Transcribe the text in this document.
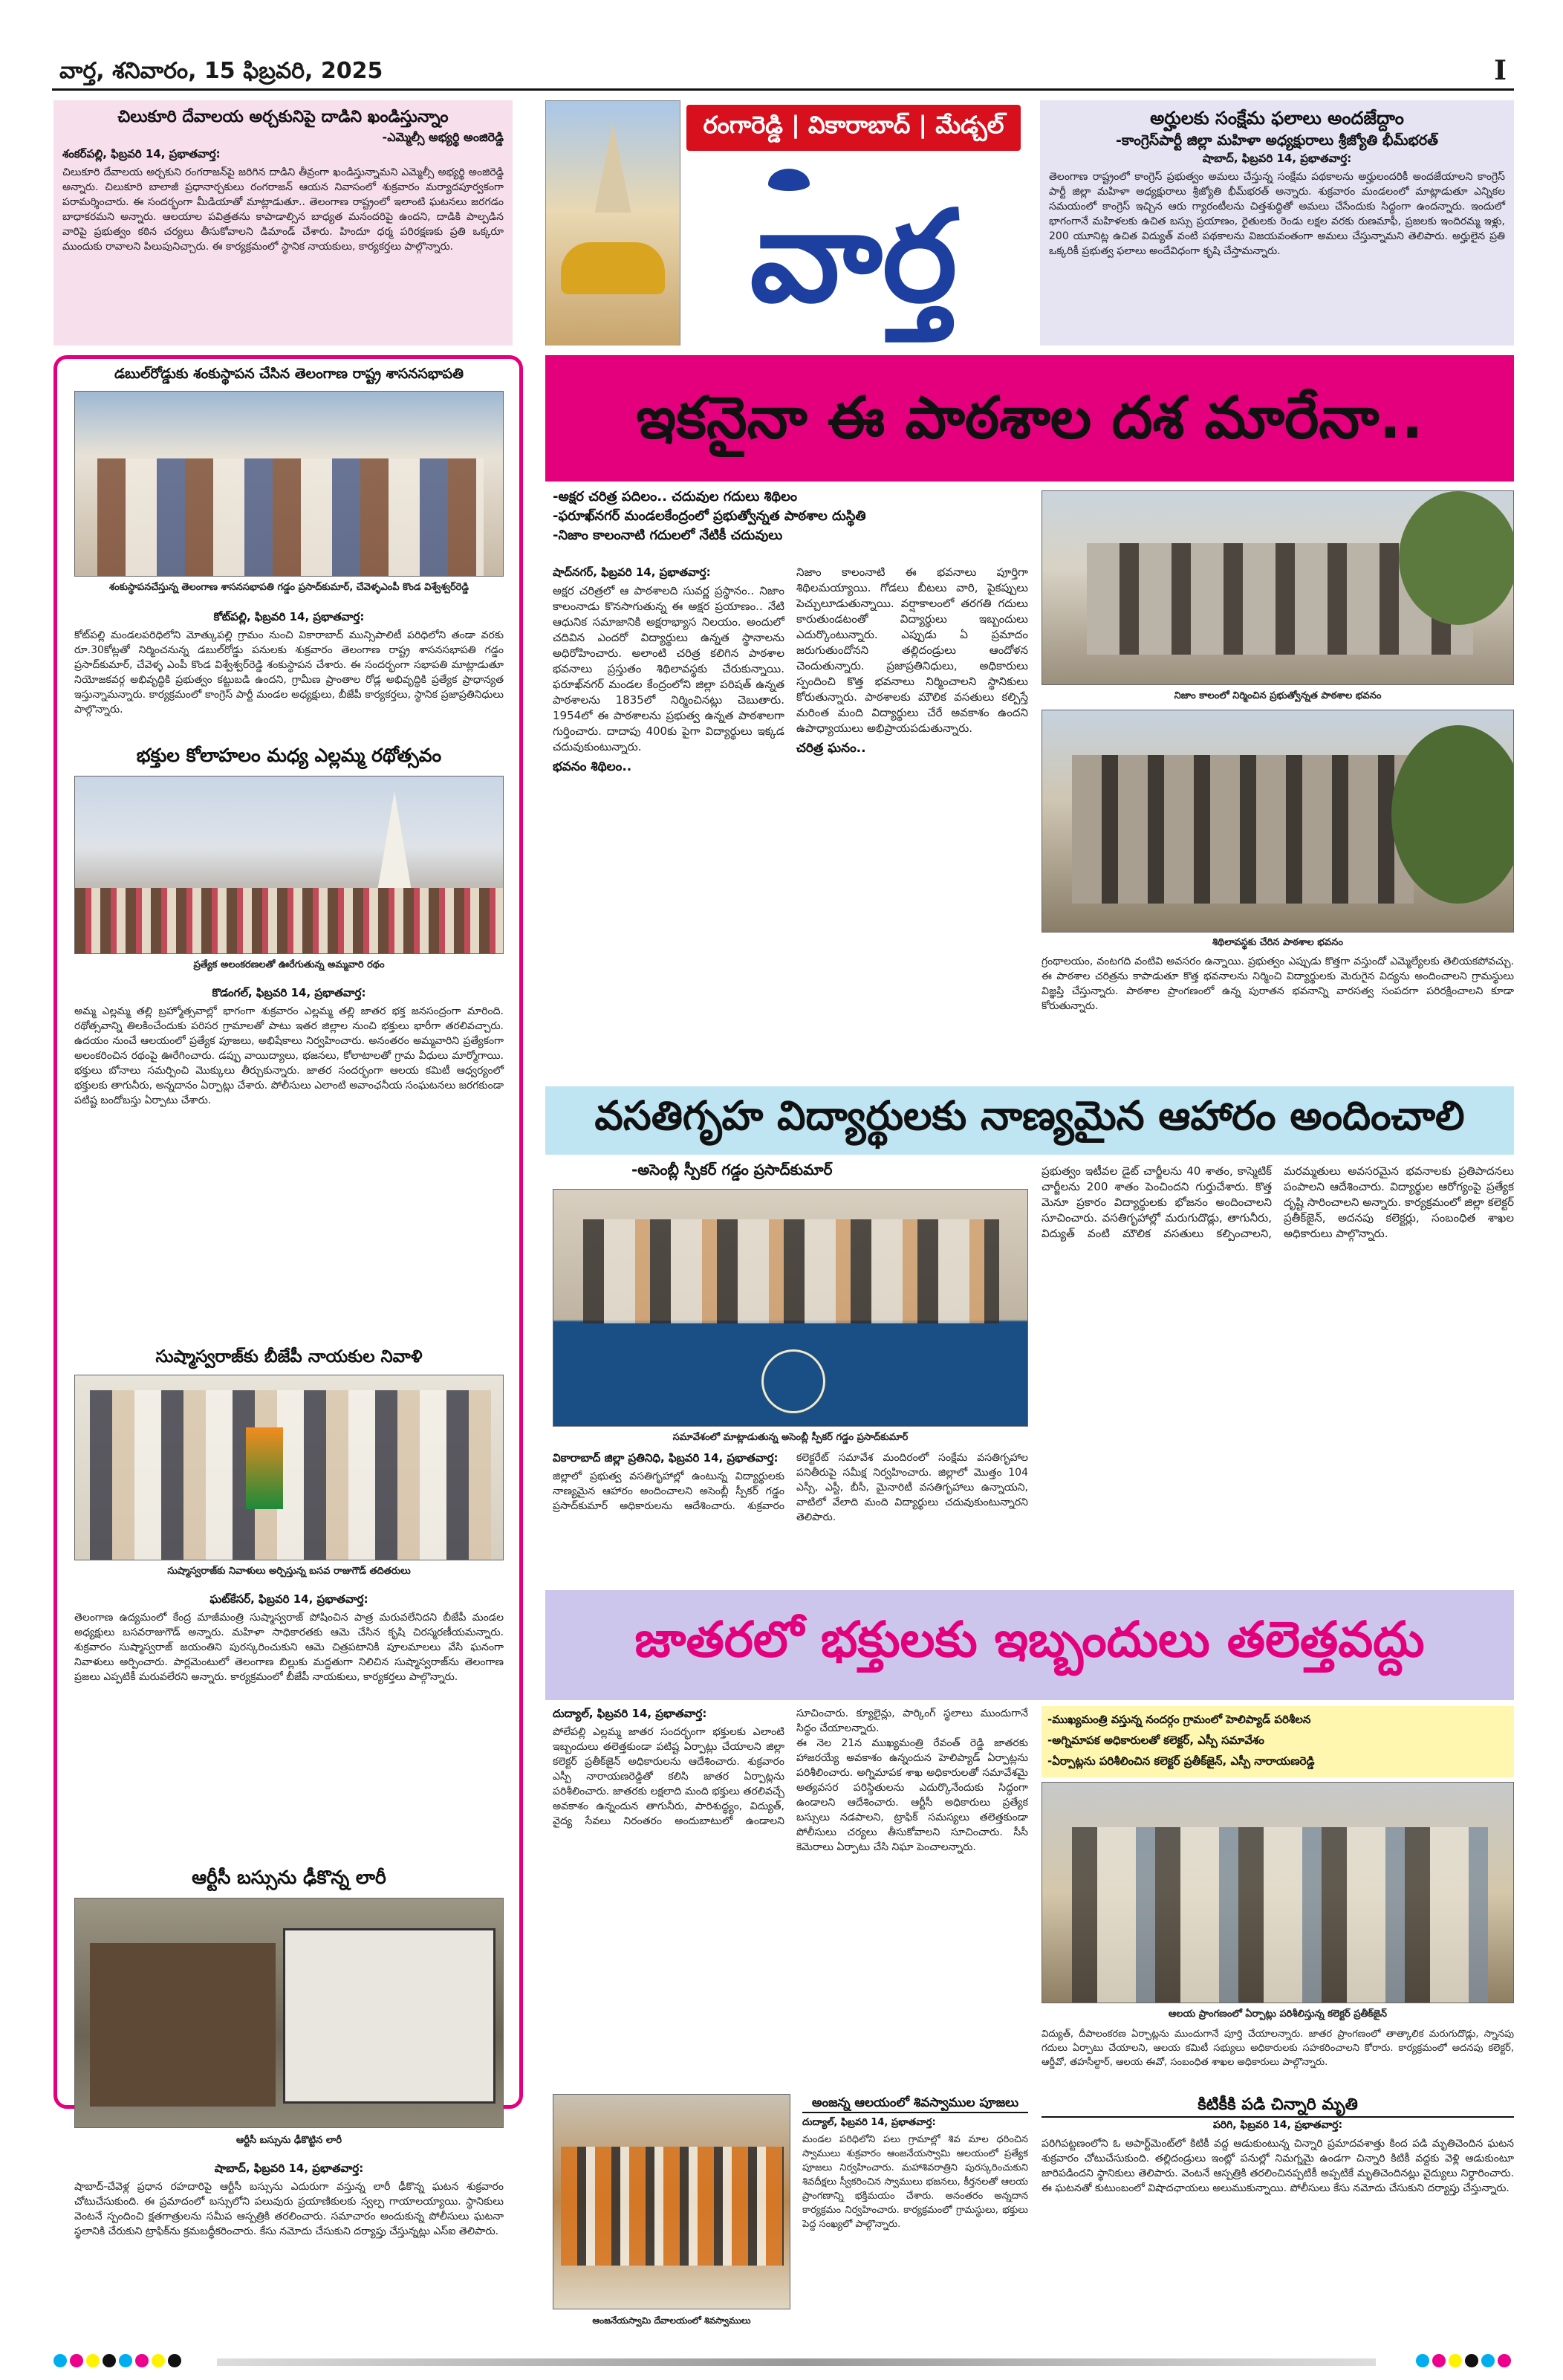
వార్త, శనివారం, 15 ఫిబ్రవరి, 2025	I
చిలుకూరి దేవాలయ అర్చకునిపై దాడిని ఖండిస్తున్నాం
-ఎమ్మెల్సీ అభ్యర్థి అంజిరెడ్డి
శంకర్‌పల్లి, ఫిబ్రవరి 14, ప్రభాతవార్త:
చిలుకూరి దేవాలయ అర్చకుని రంగరాజన్‌పై జరిగిన దాడిని తీవ్రంగా ఖండిస్తున్నామని ఎమ్మెల్సీ అభ్యర్థి అంజిరెడ్డి అన్నారు. చిలుకూరి బాలాజీ ప్రధానార్చకులు రంగరాజన్ ఆయన నివాసంలో శుక్రవారం మర్యాదపూర్వకంగా పరామర్శించారు. ఈ సందర్భంగా మీడియాతో మాట్లాడుతూ.. తెలంగాణ రాష్ట్రంలో ఇలాంటి ఘటనలు జరగడం బాధాకరమని అన్నారు. ఆలయాల పవిత్రతను కాపాడాల్సిన బాధ్యత మనందరిపై ఉందని, దాడికి పాల్పడిన వారిపై ప్రభుత్వం కఠిన చర్యలు తీసుకోవాలని డిమాండ్ చేశారు. హిందూ ధర్మ పరిరక్షణకు ప్రతి ఒక్కరూ ముందుకు రావాలని పిలుపునిచ్చారు. ఈ కార్యక్రమంలో స్థానిక నాయకులు, కార్యకర్తలు పాల్గొన్నారు.
రంగారెడ్డి | వికారాబాద్ | మేడ్చల్
వార్త
అర్హులకు సంక్షేమ ఫలాలు అందజేద్దాం
-కాంగ్రెస్‌పార్టీ జిల్లా మహిళా అధ్యక్షురాలు శ్రీజ్యోతి భీమ్‌భరత్
షాబాద్, ఫిబ్రవరి 14, ప్రభాతవార్త:
తెలంగాణ రాష్ట్రంలో కాంగ్రెస్ ప్రభుత్వం అమలు చేస్తున్న సంక్షేమ పథకాలను అర్హులందరికీ అందజేయాలని కాంగ్రెస్ పార్టీ జిల్లా మహిళా అధ్యక్షురాలు శ్రీజ్యోతి భీమ్‌భరత్ అన్నారు. శుక్రవారం మండలంలో మాట్లాడుతూ ఎన్నికల సమయంలో కాంగ్రెస్ ఇచ్చిన ఆరు గ్యారంటీలను చిత్తశుద్ధితో అమలు చేసేందుకు సిద్ధంగా ఉందన్నారు. ఇందులో భాగంగానే మహిళలకు ఉచిత బస్సు ప్రయాణం, రైతులకు రెండు లక్షల వరకు రుణమాఫీ, ప్రజలకు ఇందిరమ్మ ఇళ్లు, 200 యూనిట్ల ఉచిత విద్యుత్ వంటి పథకాలను విజయవంతంగా అమలు చేస్తున్నామని తెలిపారు. అర్హులైన ప్రతి ఒక్కరికీ ప్రభుత్వ ఫలాలు అందేవిధంగా కృషి చేస్తామన్నారు.
డబుల్‌రోడ్డుకు శంకుస్థాపన చేసిన తెలంగాణ రాష్ట్ర శాసనసభాపతి
శంకుస్థాపనచేస్తున్న తెలంగాణ శాసనసభాపతి గడ్డం ప్రసాద్‌కుమార్, చేవెళ్ళఎంపీ కొండ విశ్వేశ్వర్‌రెడ్డి
కోట్‌పల్లి, ఫిబ్రవరి 14, ప్రభాతవార్త:
కోట్‌పల్లి మండలపరిధిలోని మోత్కుపల్లి గ్రామం నుంచి వికారాబాద్ మున్సిపాలిటీ పరిధిలోని తండా వరకు రూ.30కోట్లతో నిర్మించనున్న డబుల్‌రోడ్డు పనులకు శుక్రవారం తెలంగాణ రాష్ట్ర శాసనసభాపతి గడ్డం ప్రసాద్‌కుమార్, చేవెళ్ళ ఎంపీ కొండ విశ్వేశ్వర్‌రెడ్డి శంకుస్థాపన చేశారు. ఈ సందర్భంగా సభాపతి మాట్లాడుతూ నియోజకవర్గ అభివృద్ధికి ప్రభుత్వం కట్టుబడి ఉందని, గ్రామీణ ప్రాంతాల రోడ్ల అభివృద్ధికి ప్రత్యేక ప్రాధాన్యత ఇస్తున్నామన్నారు. కార్యక్రమంలో కాంగ్రెస్ పార్టీ మండల అధ్యక్షులు, బీజేపీ కార్యకర్తలు, స్థానిక ప్రజాప్రతినిధులు పాల్గొన్నారు.
భక్తుల కోలాహలం మధ్య ఎల్లమ్మ రథోత్సవం
ప్రత్యేక అలంకరణలతో ఊరేగుతున్న అమ్మవారి రథం
కొడంగల్, ఫిబ్రవరి 14, ప్రభాతవార్త:
అమ్మ ఎల్లమ్మ తల్లి బ్రహ్మోత్సవాల్లో భాగంగా శుక్రవారం ఎల్లమ్మ తల్లి జాతర భక్త జనసంద్రంగా మారింది. రథోత్సవాన్ని తిలకించేందుకు పరిసర గ్రామాలతో పాటు ఇతర జిల్లాల నుంచి భక్తులు భారీగా తరలివచ్చారు. ఉదయం నుంచే ఆలయంలో ప్రత్యేక పూజలు, అభిషేకాలు నిర్వహించారు. అనంతరం అమ్మవారిని ప్రత్యేకంగా అలంకరించిన రథంపై ఊరేగించారు. డప్పు వాయిద్యాలు, భజనలు, కోలాటాలతో గ్రామ వీధులు మార్మోగాయి. భక్తులు బోనాలు సమర్పించి మొక్కులు తీర్చుకున్నారు. జాతర సందర్భంగా ఆలయ కమిటీ ఆధ్వర్యంలో భక్తులకు తాగునీరు, అన్నదానం ఏర్పాట్లు చేశారు. పోలీసులు ఎలాంటి అవాంఛనీయ సంఘటనలు జరగకుండా పటిష్ట బందోబస్తు ఏర్పాటు చేశారు.
సుష్మాస్వరాజ్‌కు బీజేపీ నాయకుల నివాళి
సుష్మాస్వరాజ్‌కు నివాళులు అర్పిస్తున్న బసవ రాజుగౌడ్ తదితరులు
ఘట్‌కేసర్, ఫిబ్రవరి 14, ప్రభాతవార్త:
తెలంగాణ ఉద్యమంలో కేంద్ర మాజీమంత్రి సుష్మాస్వరాజ్ పోషించిన పాత్ర మరువలేనిదని బీజేపీ మండల అధ్యక్షులు బసవరాజుగౌడ్ అన్నారు. మహిళా సాధికారతకు ఆమె చేసిన కృషి చిరస్మరణీయమన్నారు. శుక్రవారం సుష్మాస్వరాజ్ జయంతిని పురస్కరించుకుని ఆమె చిత్రపటానికి పూలమాలలు వేసి ఘనంగా నివాళులు అర్పించారు. పార్లమెంటులో తెలంగాణ బిల్లుకు మద్దతుగా నిలిచిన సుష్మాస్వరాజ్‌ను తెలంగాణ ప్రజలు ఎప్పటికీ మరువలేరని అన్నారు. కార్యక్రమంలో బీజేపీ నాయకులు, కార్యకర్తలు పాల్గొన్నారు.
ఆర్టీసీ బస్సును ఢీకొన్న లారీ
ఆర్టీసీ బస్సును ఢీకొట్టిన లారీ
షాబాద్, ఫిబ్రవరి 14, ప్రభాతవార్త:
షాబాద్-చేవెళ్ల ప్రధాన రహదారిపై ఆర్టీసీ బస్సును ఎదురుగా వస్తున్న లారీ ఢీకొన్న ఘటన శుక్రవారం చోటుచేసుకుంది. ఈ ప్రమాదంలో బస్సులోని పలువురు ప్రయాణికులకు స్వల్ప గాయాలయ్యాయి. స్థానికులు వెంటనే స్పందించి క్షతగాత్రులను సమీప ఆస్పత్రికి తరలించారు. సమాచారం అందుకున్న పోలీసులు ఘటనా స్థలానికి చేరుకుని ట్రాఫిక్‌ను క్రమబద్ధీకరించారు. కేసు నమోదు చేసుకుని దర్యాప్తు చేస్తున్నట్లు ఎస్ఐ తెలిపారు.
ఇకనైనా ఈ పాఠశాల దశ మారేనా..
-అక్షర చరిత్ర పదిలం.. చదువుల గదులు శిథిలం
-ఫరూఖ్‌నగర్ మండలకేంద్రంలో ప్రభుత్వోన్నత పాఠశాల దుస్థితి
-నిజాం కాలంనాటి గదులలో నేటికీ చదువులు
షాద్‌నగర్, ఫిబ్రవరి 14, ప్రభాతవార్త:
అక్షర చరిత్రలో ఆ పాఠశాలది సువర్ణ ప్రస్థానం.. నిజాం కాలంనాడు కొనసాగుతున్న ఈ అక్షర ప్రయాణం.. నేటి ఆధునిక సమాజానికి అక్షరాభ్యాస నిలయం. అందులో చదివిన ఎందరో విద్యార్థులు ఉన్నత స్థానాలను అధిరోహించారు. అలాంటి చరిత్ర కలిగిన పాఠశాల భవనాలు ప్రస్తుతం శిథిలావస్థకు చేరుకున్నాయి. ఫరూఖ్‌నగర్ మండల కేంద్రంలోని జిల్లా పరిషత్ ఉన్నత పాఠశాలను 1835లో నిర్మించినట్లు చెబుతారు. 1954లో ఈ పాఠశాలను ప్రభుత్వ ఉన్నత పాఠశాలగా గుర్తించారు. దాదాపు 400కు పైగా విద్యార్థులు ఇక్కడ చదువుకుంటున్నారు.
భవనం శిథిలం..
నిజాం కాలంనాటి ఈ భవనాలు పూర్తిగా శిథిలమయ్యాయి. గోడలు బీటలు వారి, పైకప్పులు పెచ్చులూడుతున్నాయి. వర్షాకాలంలో తరగతి గదులు కారుతుండటంతో విద్యార్థులు ఇబ్బందులు ఎదుర్కొంటున్నారు. ఎప్పుడు ఏ ప్రమాదం జరుగుతుందోనని తల్లిదండ్రులు ఆందోళన చెందుతున్నారు. ప్రజాప్రతినిధులు, అధికారులు స్పందించి కొత్త భవనాలు నిర్మించాలని స్థానికులు కోరుతున్నారు. పాఠశాలకు మౌలిక వసతులు కల్పిస్తే మరింత మంది విద్యార్థులు చేరే అవకాశం ఉందని ఉపాధ్యాయులు అభిప్రాయపడుతున్నారు.
చరిత్ర ఘనం..
నిజాం కాలంలో నిర్మించిన ప్రభుత్వోన్నత పాఠశాల భవనం
శిథిలావస్థకు చేరిన పాఠశాల భవనం
గ్రంథాలయం, వంటగది వంటివి అవసరం ఉన్నాయి. ప్రభుత్వం ఎప్పుడు కొత్తగా వస్తుందో ఎమ్మెల్యేలకు తెలియకపోవచ్చు. ఈ పాఠశాల చరిత్రను కాపాడుతూ కొత్త భవనాలను నిర్మించి విద్యార్థులకు మెరుగైన విద్యను అందించాలని గ్రామస్థులు విజ్ఞప్తి చేస్తున్నారు. పాఠశాల ప్రాంగణంలో ఉన్న పురాతన భవనాన్ని వారసత్వ సంపదగా పరిరక్షించాలని కూడా కోరుతున్నారు.
వసతిగృహ విద్యార్థులకు నాణ్యమైన ఆహారం అందించాలి
-అసెంబ్లీ స్పీకర్ గడ్డం ప్రసాద్‌కుమార్
సమావేశంలో మాట్లాడుతున్న అసెంబ్లీ స్పీకర్ గడ్డం ప్రసాద్‌కుమార్
వికారాబాద్ జిల్లా ప్రతినిధి, ఫిబ్రవరి 14, ప్రభాతవార్త:
జిల్లాలో ప్రభుత్వ వసతిగృహాల్లో ఉంటున్న విద్యార్థులకు నాణ్యమైన ఆహారం అందించాలని అసెంబ్లీ స్పీకర్ గడ్డం ప్రసాద్‌కుమార్ అధికారులను ఆదేశించారు. శుక్రవారం కలెక్టరేట్ సమావేశ మందిరంలో సంక్షేమ వసతిగృహాల పనితీరుపై సమీక్ష నిర్వహించారు. జిల్లాలో మొత్తం 104 ఎస్సీ, ఎస్టీ, బీసీ, మైనారిటీ వసతిగృహాలు ఉన్నాయని, వాటిలో వేలాది మంది విద్యార్థులు చదువుకుంటున్నారని తెలిపారు.
ప్రభుత్వం ఇటీవల డైట్ చార్జీలను 40 శాతం, కాస్మెటిక్ చార్జీలను 200 శాతం పెంచిందని గుర్తుచేశారు. కొత్త మెనూ ప్రకారం విద్యార్థులకు భోజనం అందించాలని సూచించారు. వసతిగృహాల్లో మరుగుదొడ్లు, తాగునీరు, విద్యుత్ వంటి మౌలిక వసతులు కల్పించాలని, మరమ్మతులు అవసరమైన భవనాలకు ప్రతిపాదనలు పంపాలని ఆదేశించారు. విద్యార్థుల ఆరోగ్యంపై ప్రత్యేక దృష్టి సారించాలని అన్నారు. కార్యక్రమంలో జిల్లా కలెక్టర్ ప్రతీక్‌జైన్, అదనపు కలెక్టర్లు, సంబంధిత శాఖల అధికారులు పాల్గొన్నారు.
జాతరలో భక్తులకు ఇబ్బందులు తలెత్తవద్దు
-ముఖ్యమంత్రి వస్తున్న నందర్గం గ్రామంలో హెలిప్యాడ్ పరిశీలన
-అగ్నిమాపక అధికారులతో కలెక్టర్, ఎస్పీ సమావేశం
-ఏర్పాట్లను పరిశీలించిన కలెక్టర్ ప్రతీక్‌జైన్, ఎస్పీ నారాయణరెడ్డి
దుద్యాల్, ఫిబ్రవరి 14, ప్రభాతవార్త:
పోలేపల్లి ఎల్లమ్మ జాతర సందర్భంగా భక్తులకు ఎలాంటి ఇబ్బందులు తలెత్తకుండా పటిష్ట ఏర్పాట్లు చేయాలని జిల్లా కలెక్టర్ ప్రతీక్‌జైన్ అధికారులను ఆదేశించారు. శుక్రవారం ఎస్పీ నారాయణరెడ్డితో కలిసి జాతర ఏర్పాట్లను పరిశీలించారు. జాతరకు లక్షలాది మంది భక్తులు తరలివచ్చే అవకాశం ఉన్నందున తాగునీరు, పారిశుద్ధ్యం, విద్యుత్, వైద్య సేవలు నిరంతరం అందుబాటులో ఉండాలని సూచించారు. క్యూలైన్లు, పార్కింగ్ స్థలాలు ముందుగానే సిద్ధం చేయాలన్నారు.
ఈ నెల 21న ముఖ్యమంత్రి రేవంత్ రెడ్డి జాతరకు హాజరయ్యే అవకాశం ఉన్నందున హెలిప్యాడ్ ఏర్పాట్లను పరిశీలించారు. అగ్నిమాపక శాఖ అధికారులతో సమావేశమై అత్యవసర పరిస్థితులను ఎదుర్కొనేందుకు సిద్ధంగా ఉండాలని ఆదేశించారు. ఆర్టీసీ అధికారులు ప్రత్యేక బస్సులు నడపాలని, ట్రాఫిక్ సమస్యలు తలెత్తకుండా పోలీసులు చర్యలు తీసుకోవాలని సూచించారు. సీసీ కెమెరాలు ఏర్పాటు చేసి నిఘా పెంచాలన్నారు.
ఆలయ ప్రాంగణంలో ఏర్పాట్లు పరిశీలిస్తున్న కలెక్టర్ ప్రతీక్‌జైన్
విద్యుత్, దీపాలంకరణ ఏర్పాట్లను ముందుగానే పూర్తి చేయాలన్నారు. జాతర ప్రాంగణంలో తాత్కాలిక మరుగుదొడ్లు, స్నానపు గదులు ఏర్పాటు చేయాలని, ఆలయ కమిటీ సభ్యులు అధికారులకు సహకరించాలని కోరారు. కార్యక్రమంలో అదనపు కలెక్టర్, ఆర్డీవో, తహసీల్దార్, ఆలయ ఈవో, సంబంధిత శాఖల అధికారులు పాల్గొన్నారు.
ఆంజనేయస్వామి దేవాలయంలో శివస్వాములు
అంజన్న ఆలయంలో శివస్వాముల పూజలు
దుద్యాల్, ఫిబ్రవరి 14, ప్రభాతవార్త:
మండల పరిధిలోని పలు గ్రామాల్లో శివ మాల ధరించిన స్వాములు శుక్రవారం ఆంజనేయస్వామి ఆలయంలో ప్రత్యేక పూజలు నిర్వహించారు. మహాశివరాత్రిని పురస్కరించుకుని శివదీక్షలు స్వీకరించిన స్వాములు భజనలు, కీర్తనలతో ఆలయ ప్రాంగణాన్ని భక్తిమయం చేశారు. అనంతరం అన్నదాన కార్యక్రమం నిర్వహించారు. కార్యక్రమంలో గ్రామస్థులు, భక్తులు పెద్ద సంఖ్యలో పాల్గొన్నారు.
కిటికీకి పడి చిన్నారి మృతి
పరిగి, ఫిబ్రవరి 14, ప్రభాతవార్త:
పరిగిపట్టణంలోని ఓ అపార్ట్‌మెంట్‌లో కిటికీ వద్ద ఆడుకుంటున్న చిన్నారి ప్రమాదవశాత్తు కింద పడి మృతిచెందిన ఘటన శుక్రవారం చోటుచేసుకుంది. తల్లిదండ్రులు ఇంట్లో పనుల్లో నిమగ్నమై ఉండగా చిన్నారి కిటికీ వద్దకు వెళ్లి ఆడుకుంటూ జారిపడిందని స్థానికులు తెలిపారు. వెంటనే ఆస్పత్రికి తరలించినప్పటికీ అప్పటికే మృతిచెందినట్లు వైద్యులు నిర్ధారించారు. ఈ ఘటనతో కుటుంబంలో విషాదఛాయలు అలుముకున్నాయి. పోలీసులు కేసు నమోదు చేసుకుని దర్యాప్తు చేస్తున్నారు.
